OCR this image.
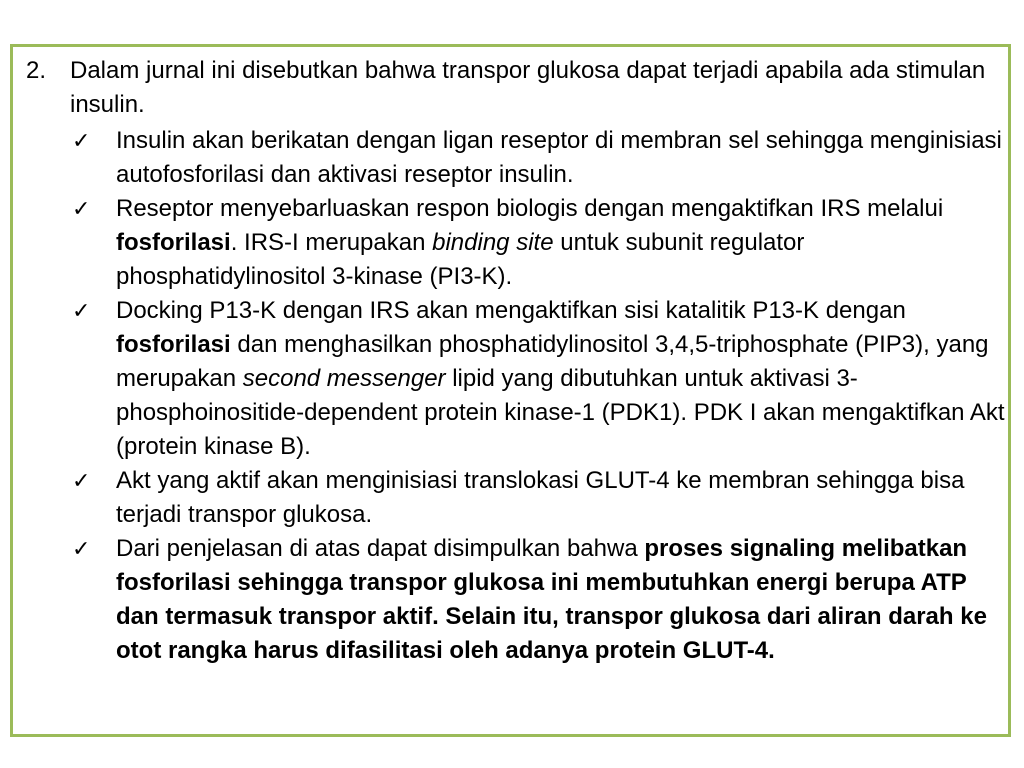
2. Dalam jurnal ini disebutkan bahwa transpor glukosa dapat terjadi apabila ada stimulan insulin.
✓ Insulin akan berikatan dengan ligan reseptor di membran sel sehingga menginisiasi autofosforilasi dan aktivasi reseptor insulin.
✓ Reseptor menyebarluaskan respon biologis dengan mengaktifkan IRS melalui fosforilasi. IRS-I merupakan binding site untuk subunit regulator phosphatidylinositol 3-kinase (PI3-K).
✓ Docking P13-K dengan IRS akan mengaktifkan sisi katalitik P13-K dengan fosforilasi dan menghasilkan phosphatidylinositol 3,4,5-triphosphate (PIP3), yang merupakan second messenger lipid yang dibutuhkan untuk aktivasi 3-phosphoinositide-dependent protein kinase-1 (PDK1). PDK I akan mengaktifkan Akt (protein kinase B).
✓ Akt yang aktif akan menginisiasi translokasi GLUT-4 ke membran sehingga bisa terjadi transpor glukosa.
✓ Dari penjelasan di atas dapat disimpulkan bahwa proses signaling melibatkan fosforilasi sehingga transpor glukosa ini membutuhkan energi berupa ATP dan termasuk transpor aktif. Selain itu, transpor glukosa dari aliran darah ke otot rangka harus difasilitasi oleh adanya protein GLUT-4.
